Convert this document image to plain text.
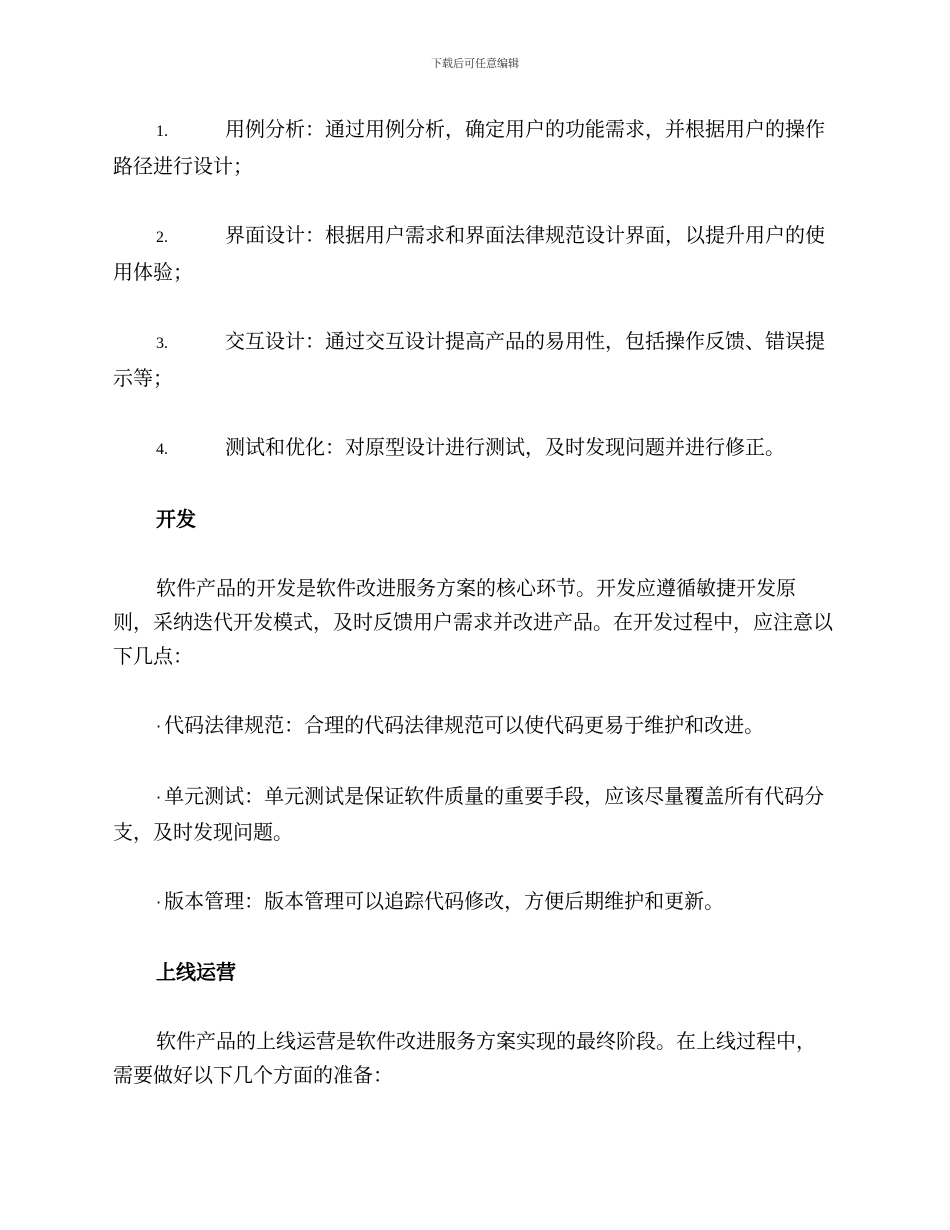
下载后可任意编辑
1.	用例分析：通过用例分析，确定用户的功能需求，并根据用户的操作路径进行设计；
2.	界面设计：根据用户需求和界面法律规范设计界面，以提升用户的使用体验；
3.	交互设计：通过交互设计提高产品的易用性，包括操作反馈、错误提示等；
4.	测试和优化：对原型设计进行测试，及时发现问题并进行修正。
开发

软件产品的开发是软件改进服务方案的核心环节。开发应遵循敏捷开发原则，采纳迭代开发模式，及时反馈用户需求并改进产品。在开发过程中，应注意以下几点：

· 代码法律规范：合理的代码法律规范可以使代码更易于维护和改进。

· 单元测试：单元测试是保证软件质量的重要手段，应该尽量覆盖所有代码分支，及时发现问题。

· 版本管理：版本管理可以追踪代码修改，方便后期维护和更新。

上线运营

软件产品的上线运营是软件改进服务方案实现的最终阶段。在上线过程中，需要做好以下几个方面的准备：
